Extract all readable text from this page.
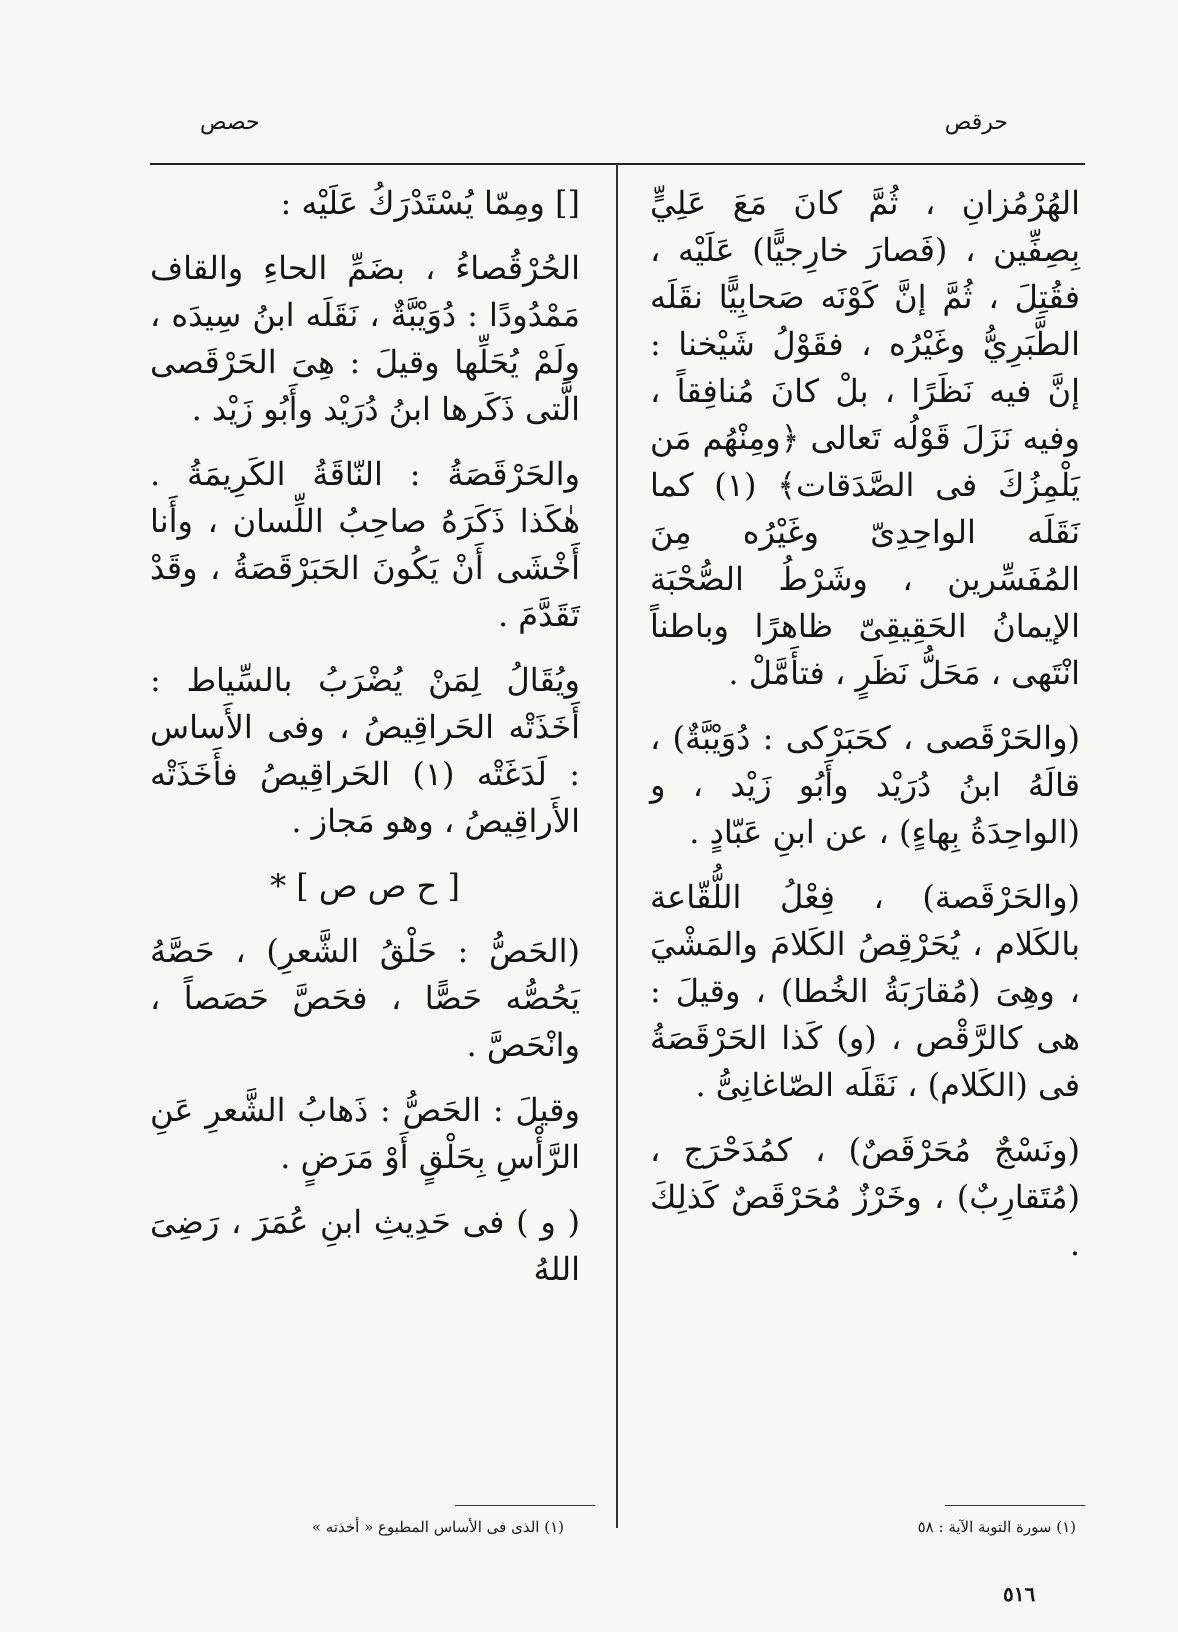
حرقص
حصص

الهُرْمُزانِ ، ثُمَّ كانَ مَعَ عَلِيٍّ بِصِفِّين ، (فَصارَ خارِجيًّا) عَلَيْه ، فقُتِلَ ، ثُمَّ إنَّ كَوْنَه صَحابِيًّا نقَلَه الطَّبَرِيُّ وغَيْرُه ، فقَوْلُ شَيْخنا : إنَّ فيه نَظَرًا ، بلْ كانَ مُنافِقاً ، وفيه نَزَلَ قَوْلُه تَعالى ﴿ومِنْهُم مَن يَلْمِزُكَ فى الصَّدَقات﴾ (١) كما نَقَلَه الواحِدِىّ وغَيْرُه مِنَ المُفَسِّرين ، وشَرْطُ الصُّحْبَة الإيمانُ الحَقِيقِىّ ظاهرًا وباطناً انْتَهى ، مَحَلُّ نَظَرٍ ، فتأَمَّلْ .

(والحَرْقَصى ، كحَبَرْكى : دُوَيْبَّةٌ) ، قالَهُ ابنُ دُرَيْد وأَبُو زَيْد ، و (الواحِدَةُ بِهاءٍ) ، عن ابنِ عَبّادٍ .

(والحَرْقَصة) ، فِعْلُ اللُّقّاعة بالكَلام ، يُحَرْقِصُ الكَلامَ والمَشْيَ ، وهِىَ (مُقارَبَةُ الخُطا) ، وقيلَ : هى كالرَّقْص ، (و) كَذا الحَرْقَصَةُ فى (الكَلام) ، نَقَلَه الصّاغانِىُّ .

(ونَسْجٌ مُحَرْقَصٌ) ، كمُدَحْرَج ، (مُتَقارِبٌ) ، وخَرْزٌ مُحَرْقَصٌ كَذلِكَ .

[] ومِمّا يُسْتَدْرَكُ عَلَيْه :

الحُرْقُصاءُ ، بضَمِّ الحاءِ والقاف مَمْدُودًا : دُوَيْبَّةٌ ، نَقَلَه ابنُ سِيدَه ، ولَمْ يُحَلِّها وقيلَ : هِىَ الحَرْقَصى الَّتى ذَكَرها ابنُ دُرَيْد وأَبُو زَيْد .

والحَرْقَصَةُ : النّاقَةُ الكَرِيمَةُ . هٰكَذا ذَكَرَهُ صاحِبُ اللِّسان ، وأَنا أَخْشَى أَنْ يَكُونَ الحَبَرْقَصَةُ ، وقَدْ تَقَدَّمَ .

ويُقَالُ لِمَنْ يُضْرَبُ بالسِّياط : أَخَذَتْه الحَراقِيصُ ، وفى الأَساس : لَدَغَتْه (١) الحَراقِيصُ فأَخَذَتْه الأَراقِيصُ ، وهو مَجاز .

[ ح ص ص ] *

(الحَصُّ : حَلْقُ الشَّعرِ) ، حَصَّهُ يَحُصُّه حَصًّا ، فحَصَّ حَصَصاً ، وانْحَصَّ .

وقيلَ : الحَصُّ : ذَهابُ الشَّعرِ عَنِ الرَّأْسِ بِحَلْقٍ أَوْ مَرَضٍ .

( و ) فى حَدِيثِ ابنِ عُمَرَ ، رَضِىَ اللهُ

(١) سورة التوبة الآية : ٥٨
(١) الذى فى الأساس المطبوع « أخذته »
٥١٦
